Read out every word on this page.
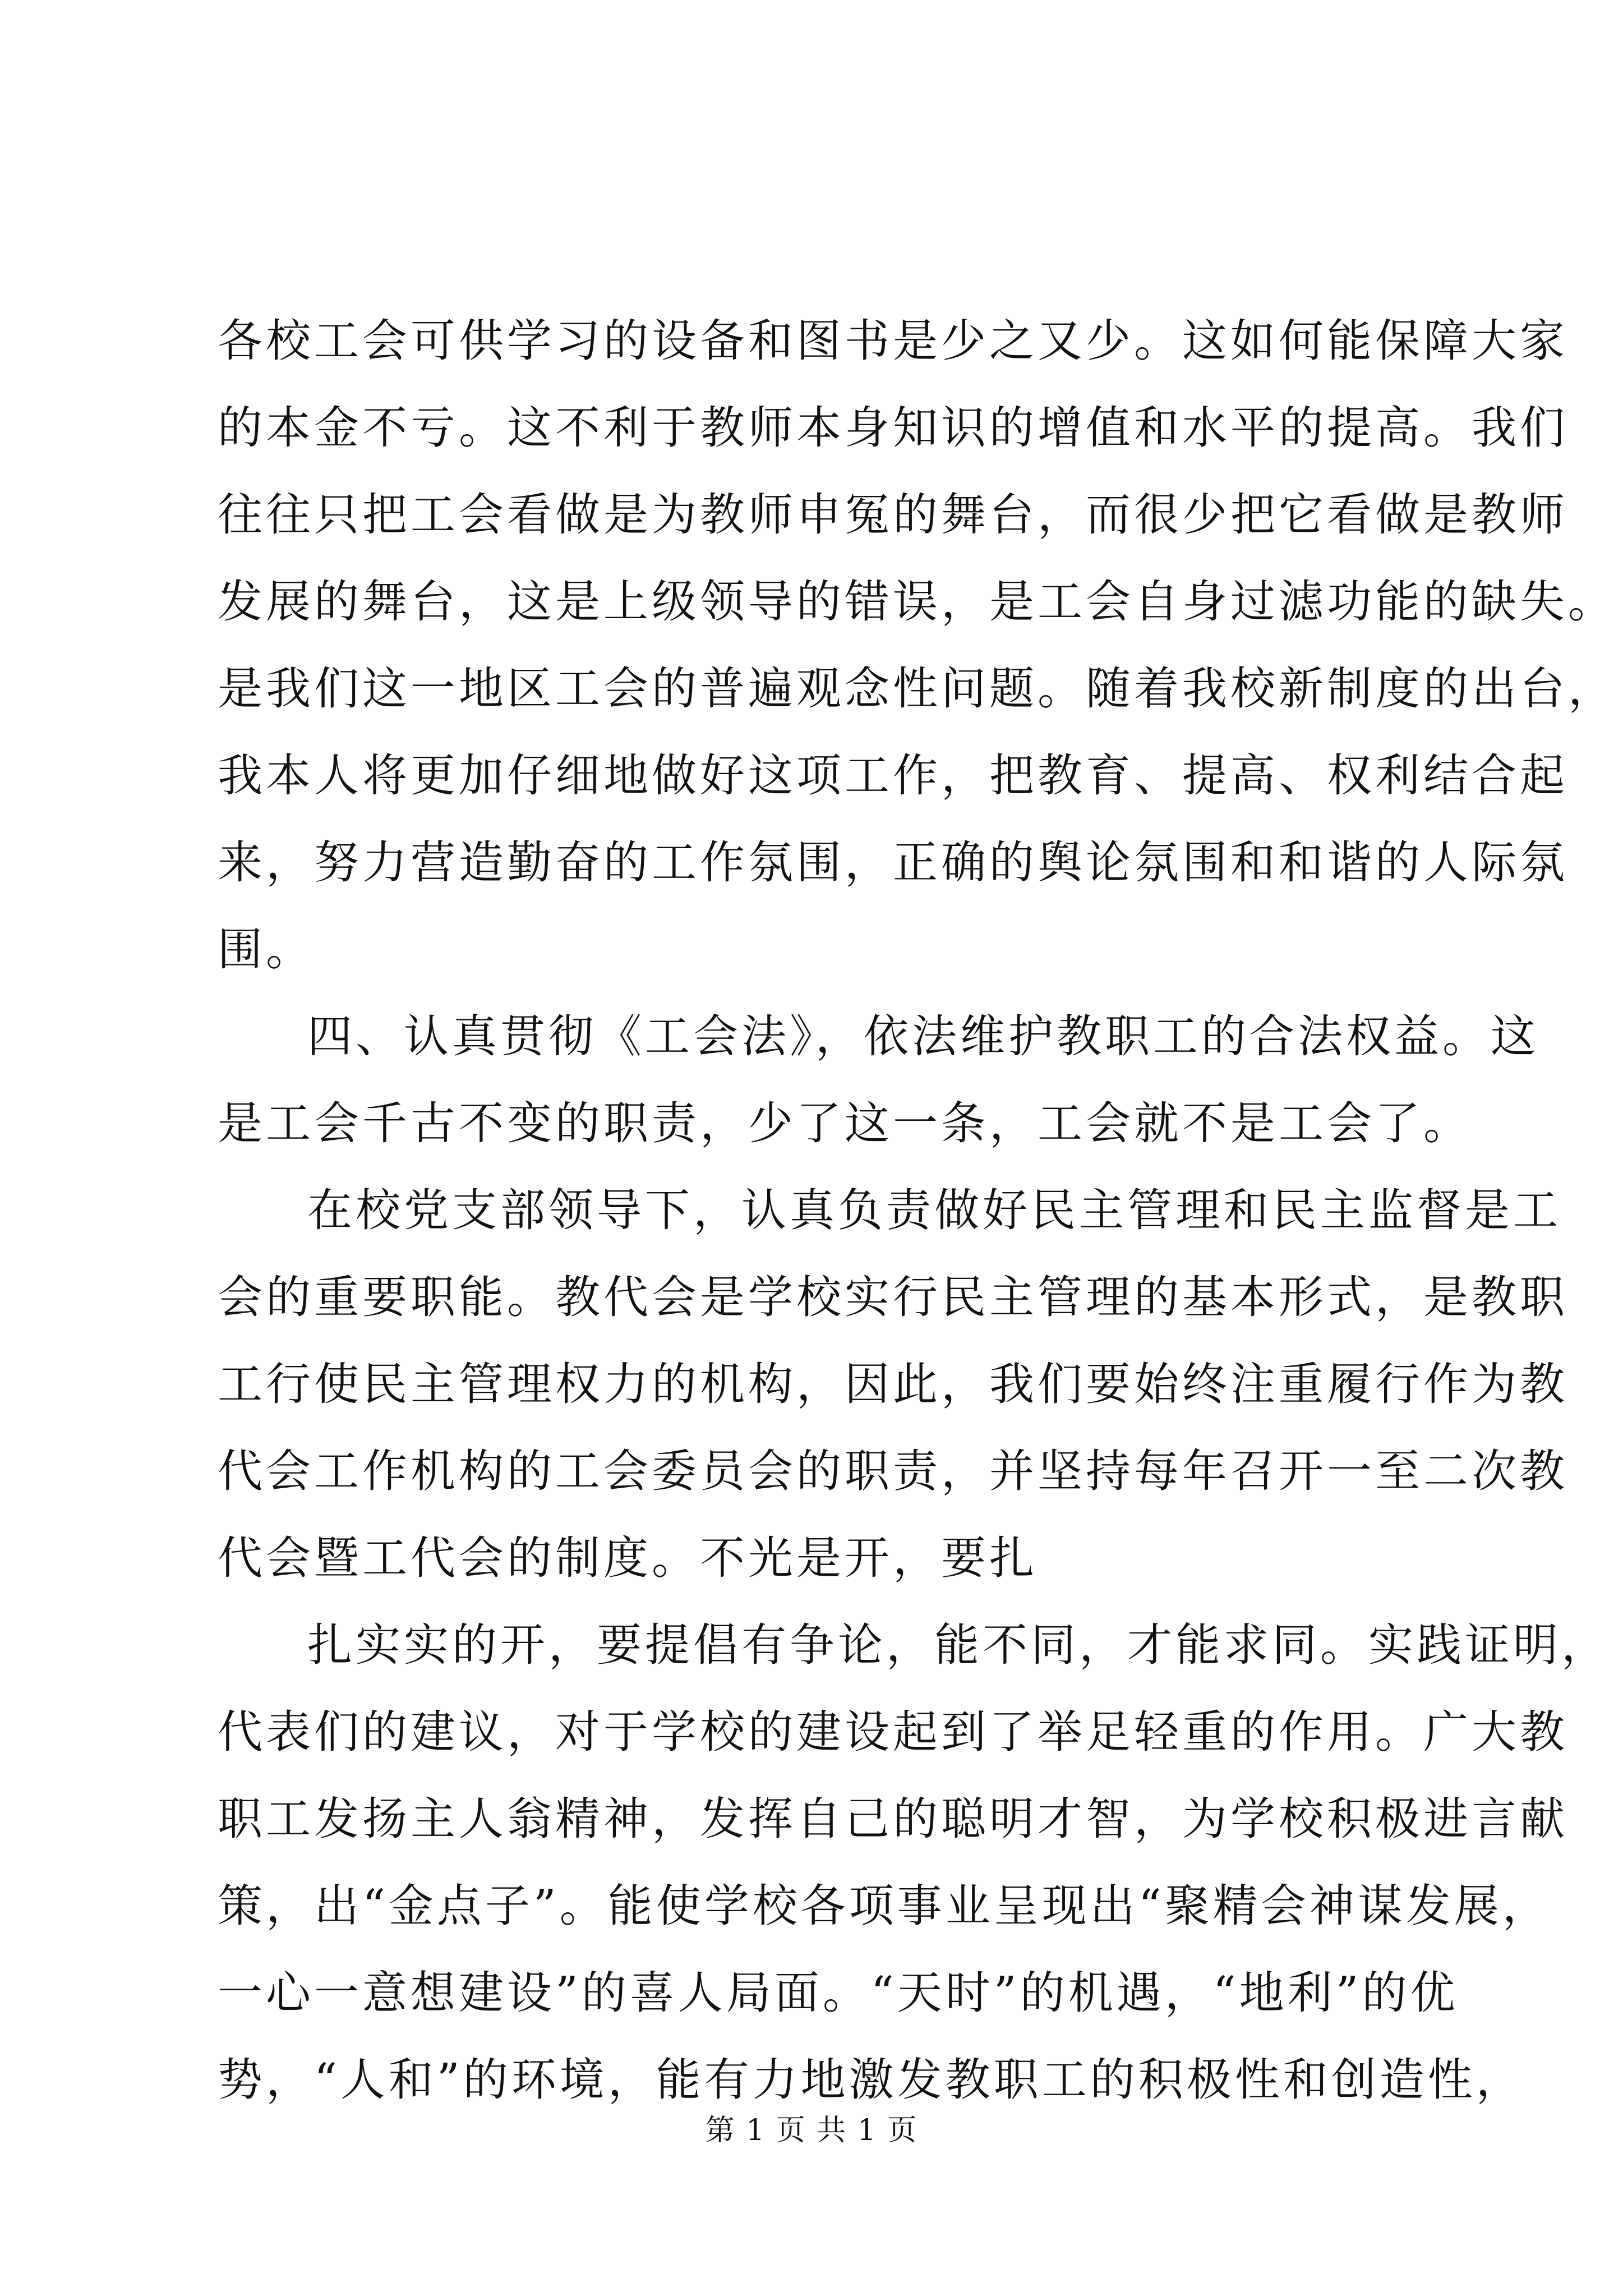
各校工会可供学习的设备和图书是少之又少。这如何能保障大家
的本金不亏。这不利于教师本身知识的增值和水平的提高。我们
往往只把工会看做是为教师申冤的舞台，而很少把它看做是教师
发展的舞台，这是上级领导的错误，是工会自身过滤功能的缺失。
是我们这一地区工会的普遍观念性问题。随着我校新制度的出台，
我本人将更加仔细地做好这项工作，把教育、提高、权利结合起
来，努力营造勤奋的工作氛围，正确的舆论氛围和和谐的人际氛
围。
四、认真贯彻《工会法》，依法维护教职工的合法权益。这
是工会千古不变的职责，少了这一条，工会就不是工会了。
在校党支部领导下，认真负责做好民主管理和民主监督是工
会的重要职能。教代会是学校实行民主管理的基本形式，是教职
工行使民主管理权力的机构，因此，我们要始终注重履行作为教
代会工作机构的工会委员会的职责，并坚持每年召开一至二次教
代会暨工代会的制度。不光是开，要扎
扎实实的开，要提倡有争论，能不同，才能求同。实践证明，
代表们的建议，对于学校的建设起到了举足轻重的作用。广大教
职工发扬主人翁精神，发挥自己的聪明才智，为学校积极进言献
策，出“金点子”。能使学校各项事业呈现出“聚精会神谋发展，
一心一意想建设”的喜人局面。“天时”的机遇，“地利”的优
势，“人和”的环境，能有力地激发教职工的积极性和创造性，
第 1 页 共 1 页
